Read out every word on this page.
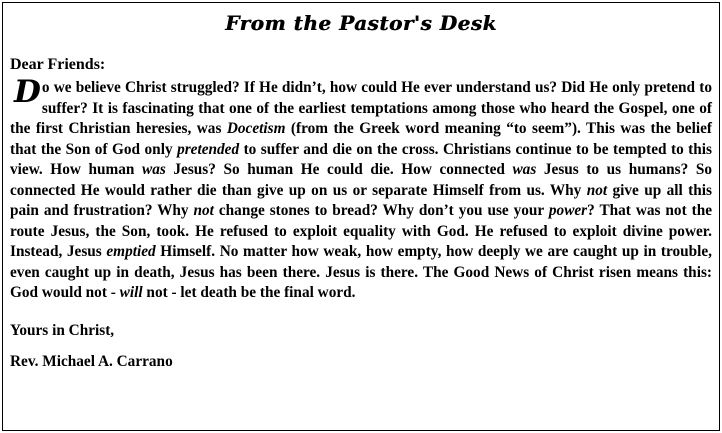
From the Pastor's Desk
Dear Friends:

Do we believe Christ struggled? If He didn’t, how could He ever understand us? Did He only pretend to suffer? It is fascinating that one of the earliest temptations among those who heard the Gospel, one of the first Christian heresies, was Docetism (from the Greek word meaning “to seem”). This was the belief that the Son of God only pretended to suffer and die on the cross. Christians continue to be tempted to this view. How human was Jesus? So human He could die. How connected was Jesus to us humans? So connected He would rather die than give up on us or separate Himself from us. Why not give up all this pain and frustration? Why not change stones to bread? Why don’t you use your power? That was not the route Jesus, the Son, took. He refused to exploit equality with God. He refused to exploit divine power. Instead, Jesus emptied Himself. No matter how weak, how empty, how deeply we are caught up in trouble, even caught up in death, Jesus has been there. Jesus is there. The Good News of Christ risen means this: God would not - will not - let death be the final word.

Yours in Christ,
Rev. Michael A. Carrano
